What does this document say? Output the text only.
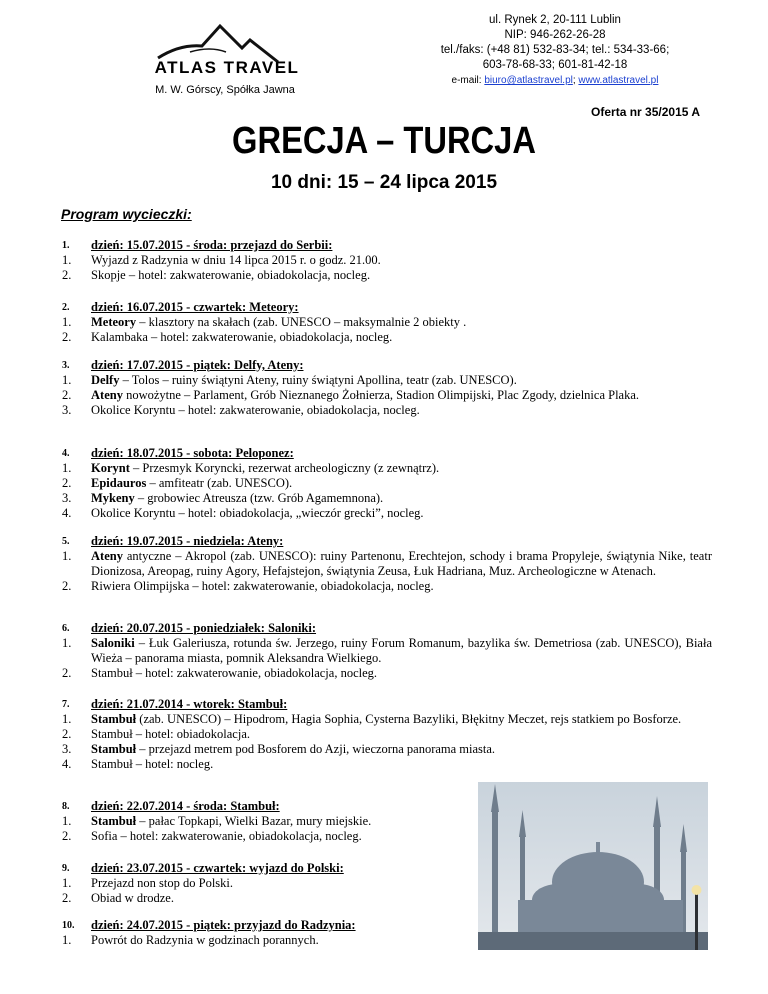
ATLAS TRAVEL
M. W. Górscy, Spółka Jawna
ul. Rynek 2, 20-111 Lublin
NIP: 946-262-26-28
tel./faks: (+48 81) 532-83-34; tel.: 534-33-66;
603-78-68-33; 601-81-42-18
e-mail: biuro@atlastravel.pl; www.atlastravel.pl
Oferta nr 35/2015 A
GRECJA – TURCJA
10 dni: 15 – 24 lipca 2015
Program wycieczki:
1.	dzień: 15.07.2015 - środa: przejazd do Serbii:
1.	Wyjazd z Radzynia w dniu 14 lipca 2015 r. o godz. 21.00.
2.	Skopje – hotel: zakwaterowanie, obiadokolacja, nocleg.
2.	dzień: 16.07.2015 - czwartek: Meteory:
1.	Meteory – klasztory na skałach (zab. UNESCO – maksymalnie 2 obiekty .
2.	Kalambaka – hotel: zakwaterowanie, obiadokolacja, nocleg.
3.	dzień: 17.07.2015 - piątek: Delfy, Ateny:
1.	Delfy – Tolos – ruiny świątyni Ateny, ruiny świątyni Apollina, teatr (zab. UNESCO).
2.	Ateny nowożytne – Parlament, Grób Nieznanego Żołnierza, Stadion Olimpijski, Plac Zgody, dzielnica Plaka.
3.	Okolice Koryntu – hotel: zakwaterowanie, obiadokolacja, nocleg.
4.	dzień: 18.07.2015 - sobota: Peloponez:
1.	Korynt – Przesmyk Koryncki, rezerwat archeologiczny (z zewnątrz).
2.	Epidauros – amfiteatr (zab. UNESCO).
3.	Mykeny – grobowiec Atreusza (tzw. Grób Agamemnona).
4.	Okolice Koryntu – hotel: obiadokolacja, „wieczór grecki”, nocleg.
5.	dzień: 19.07.2015 - niedziela: Ateny:
1.	Ateny antyczne – Akropol (zab. UNESCO): ruiny Partenonu, Erechtejon, schody i brama Propyleje, świątynia Nike, teatr Dionizosa, Areopag, ruiny Agory, Hefajstejon, świątynia Zeusa, Łuk Hadriana, Muz. Archeologiczne w Atenach.
2.	Riwiera Olimpijska – hotel: zakwaterowanie, obiadokolacja, nocleg.
6.	dzień: 20.07.2015 - poniedziałek: Saloniki:
1.	Saloniki – Łuk Galeriusza, rotunda św. Jerzego, ruiny Forum Romanum, bazylika św. Demetriosa (zab. UNESCO), Biała Wieża – panorama miasta, pomnik Aleksandra Wielkiego.
2.	Stambuł – hotel: zakwaterowanie, obiadokolacja, nocleg.
7.	dzień: 21.07.2014 - wtorek: Stambuł:
1.	Stambuł (zab. UNESCO) – Hipodrom, Hagia Sophia, Cysterna Bazyliki, Błękitny Meczet, rejs statkiem po Bosforze.
2.	Stambuł – hotel: obiadokolacja.
3.	Stambuł – przejazd metrem pod Bosforem do Azji, wieczorna panorama miasta.
4.	Stambuł – hotel: nocleg.
8.	dzień: 22.07.2014 - środa: Stambuł:
1.	Stambuł – pałac Topkapi, Wielki Bazar, mury miejskie.
2.	Sofia – hotel: zakwaterowanie, obiadokolacja, nocleg.
9.	dzień: 23.07.2015 - czwartek: wyjazd do Polski:
1.	Przejazd non stop do Polski.
2.	Obiad w drodze.
10.	dzień: 24.07.2015 - piątek: przyjazd do Radzynia:
1.	Powrót do Radzynia w godzinach porannych.
